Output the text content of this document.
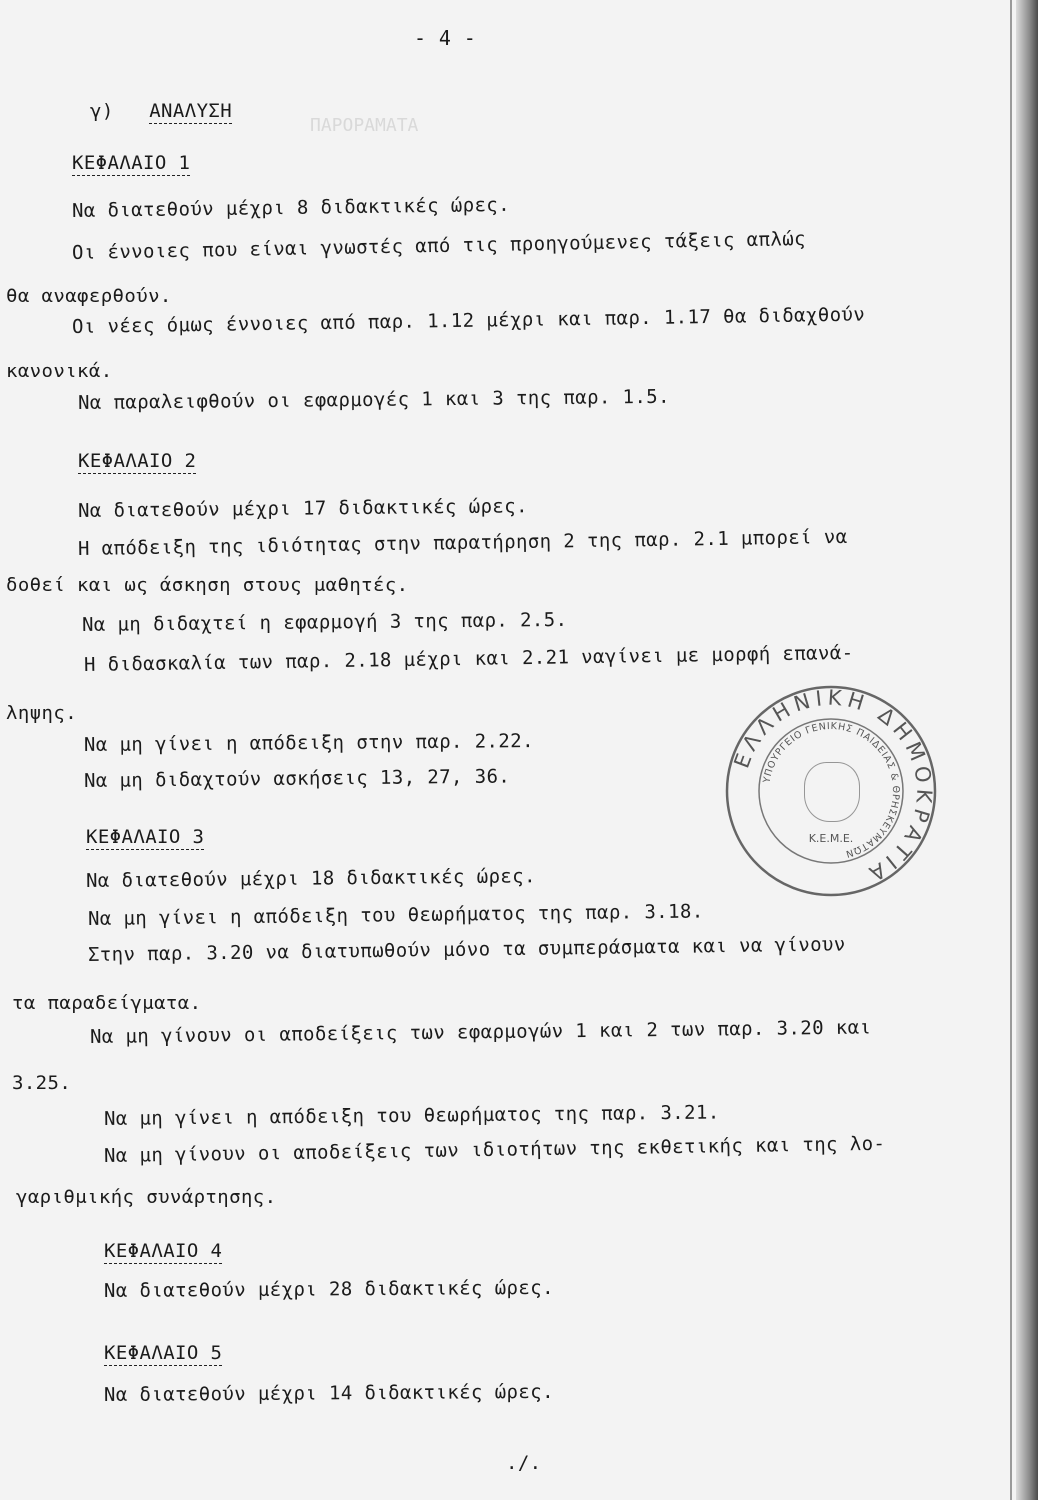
ΠΑΡΟΡΑΜΑΤΑ
- 4 -
γ) ΑΝΑΛΥΣΗ
ΚΕΦΑΛΑΙΟ 1
Να διατεθούν μέχρι 8 διδακτικές ώρες.
Οι έννοιες που είναι γνωστές από τις προηγούμενες τάξεις απλώς
θα αναφερθούν.
Οι νέες όμως έννοιες από παρ. 1.12 μέχρι και παρ. 1.17 θα διδαχθούν
κανονικά.
Να παραλειφθούν οι εφαρμογές 1 και 3 της παρ. 1.5.
ΚΕΦΑΛΑΙΟ 2
Να διατεθούν μέχρι 17 διδακτικές ώρες.
Η απόδειξη της ιδιότητας στην παρατήρηση 2 της παρ. 2.1 μπορεί να
δοθεί και ως άσκηση στους μαθητές.
Να μη διδαχτεί η εφαρμογή 3 της παρ. 2.5.
Η διδασκαλία των παρ. 2.18 μέχρι και 2.21 ναγίνει με μορφή επανά-
ληψης.
Να μη γίνει η απόδειξη στην παρ. 2.22.
Να μη διδαχτούν ασκήσεις 13, 27, 36.
ΚΕΦΑΛΑΙΟ 3
Να διατεθούν μέχρι 18 διδακτικές ώρες.
Να μη γίνει η απόδειξη του θεωρήματος της παρ. 3.18.
Στην παρ. 3.20 να διατυπωθούν μόνο τα συμπεράσματα και να γίνουν
τα παραδείγματα.
Να μη γίνουν οι αποδείξεις των εφαρμογών 1 και 2 των παρ. 3.20 και
3.25.
Να μη γίνει η απόδειξη του θεωρήματος της παρ. 3.21.
Να μη γίνουν οι αποδείξεις των ιδιοτήτων της εκθετικής και της λο-
γαριθμικής συνάρτησης.
ΚΕΦΑΛΑΙΟ 4
Να διατεθούν μέχρι 28 διδακτικές ώρες.
ΚΕΦΑΛΑΙΟ 5
Να διατεθούν μέχρι 14 διδακτικές ώρες.
./.
ΕΛΛΗΝΙΚΗ ΔΗΜΟΚΡΑΤΙΑ
ΥΠΟΥΡΓΕΙΟ ΓΕΝΙΚΗΣ ΠΑΙΔΕΙΑΣ & ΘΡΗΣΚΕΥΜΑΤΩΝ
Κ.Ε.Μ.Ε.
